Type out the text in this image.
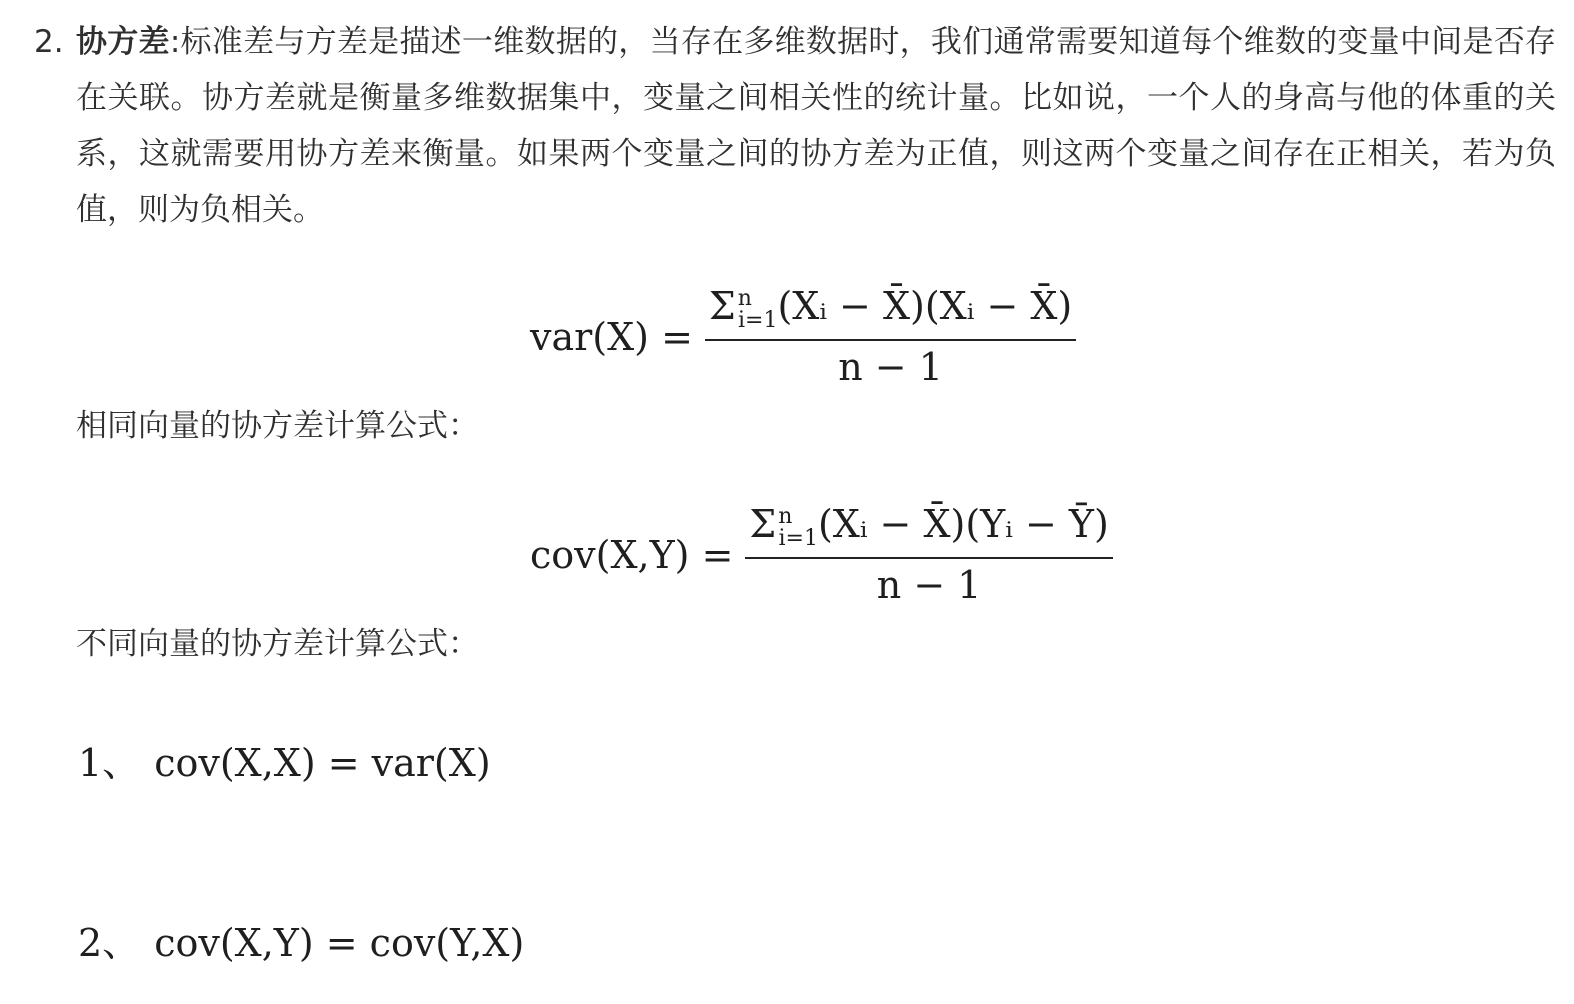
2. 协方差:标准差与方差是描述一维数据的，当存在多维数据时，我们通常需要知道每个维数的变量中间是否存在关联。协方差就是衡量多维数据集中，变量之间相关性的统计量。比如说，一个人的身高与他的体重的关系，这就需要用协方差来衡量。如果两个变量之间的协方差为正值，则这两个变量之间存在正相关，若为负值，则为负相关。
$var(X) = \frac{\Sigma^n_{i=1}(Xᵢ - X̄)(Xᵢ - X̄)}{n - 1}$
相同向量的协方差计算公式：
$cov(X,Y) = \frac{\Sigma^n_{i=1}(Xᵢ - X̄)(Yᵢ - Ȳ)}{n - 1}$
不同向量的协方差计算公式：
1、 cov(X,X) = var(X)
2、 cov(X,Y) = cov(Y,X)
